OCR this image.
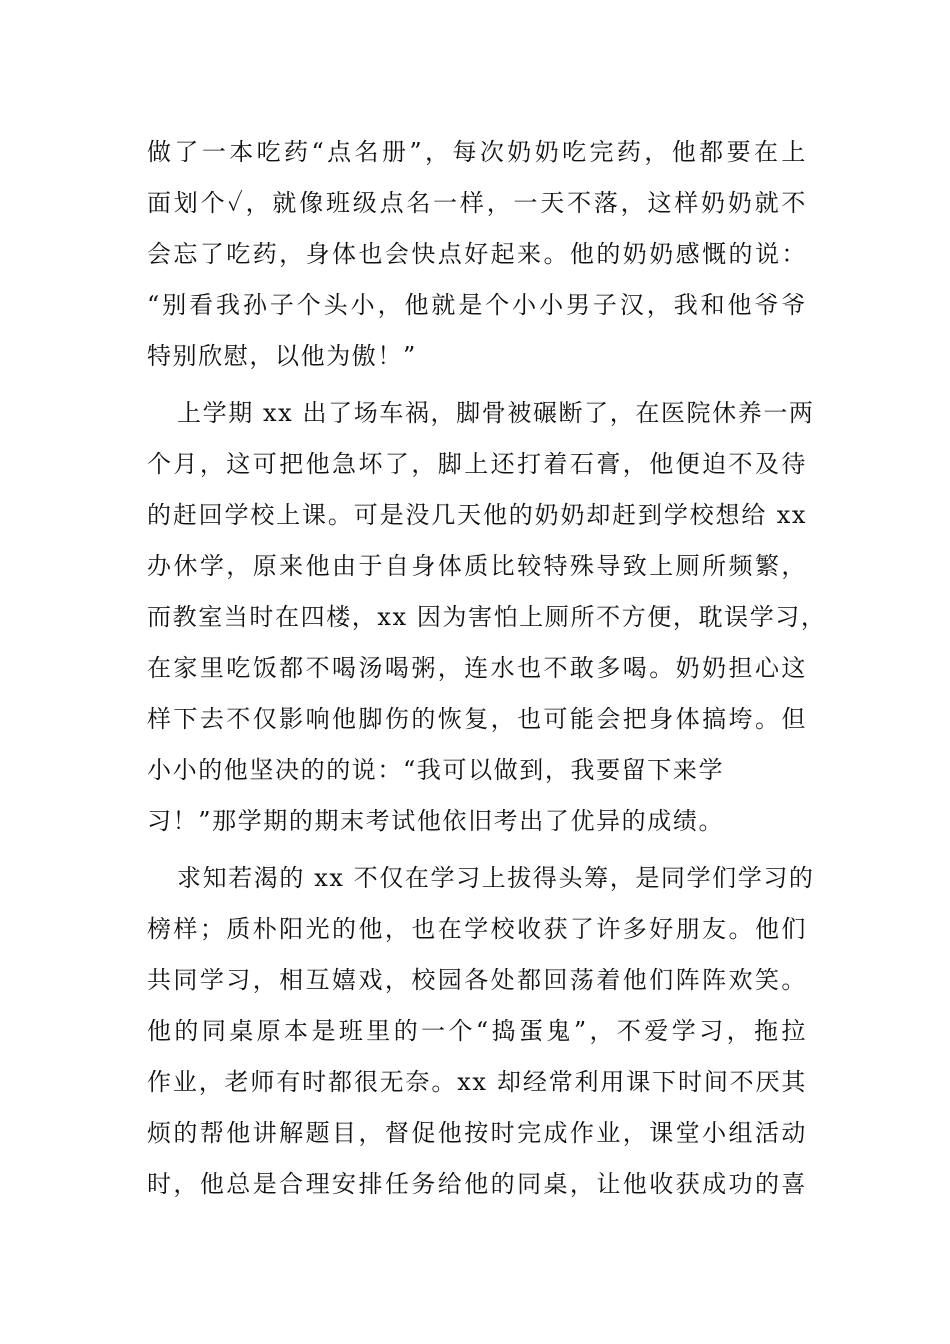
做了一本吃药“点名册”，每次奶奶吃完药，他都要在上
面划个✓，就像班级点名一样，一天不落，这样奶奶就不
会忘了吃药，身体也会快点好起来。他的奶奶感慨的说：
“别看我孙子个头小，他就是个小小男子汉，我和他爷爷
特别欣慰，以他为傲！”
上学期 xx 出了场车祸，脚骨被碾断了，在医院休养一两
个月，这可把他急坏了，脚上还打着石膏，他便迫不及待
的赶回学校上课。可是没几天他的奶奶却赶到学校想给 xx
办休学，原来他由于自身体质比较特殊导致上厕所频繁，
而教室当时在四楼，xx 因为害怕上厕所不方便，耽误学习，
在家里吃饭都不喝汤喝粥，连水也不敢多喝。奶奶担心这
样下去不仅影响他脚伤的恢复，也可能会把身体搞垮。但
小小的他坚决的的说：“我可以做到，我要留下来学
习！”那学期的期末考试他依旧考出了优异的成绩。
求知若渴的 xx 不仅在学习上拔得头筹，是同学们学习的
榜样；质朴阳光的他，也在学校收获了许多好朋友。他们
共同学习，相互嬉戏，校园各处都回荡着他们阵阵欢笑。
他的同桌原本是班里的一个“捣蛋鬼”，不爱学习，拖拉
作业，老师有时都很无奈。xx 却经常利用课下时间不厌其
烦的帮他讲解题目，督促他按时完成作业，课堂小组活动
时，他总是合理安排任务给他的同桌，让他收获成功的喜
